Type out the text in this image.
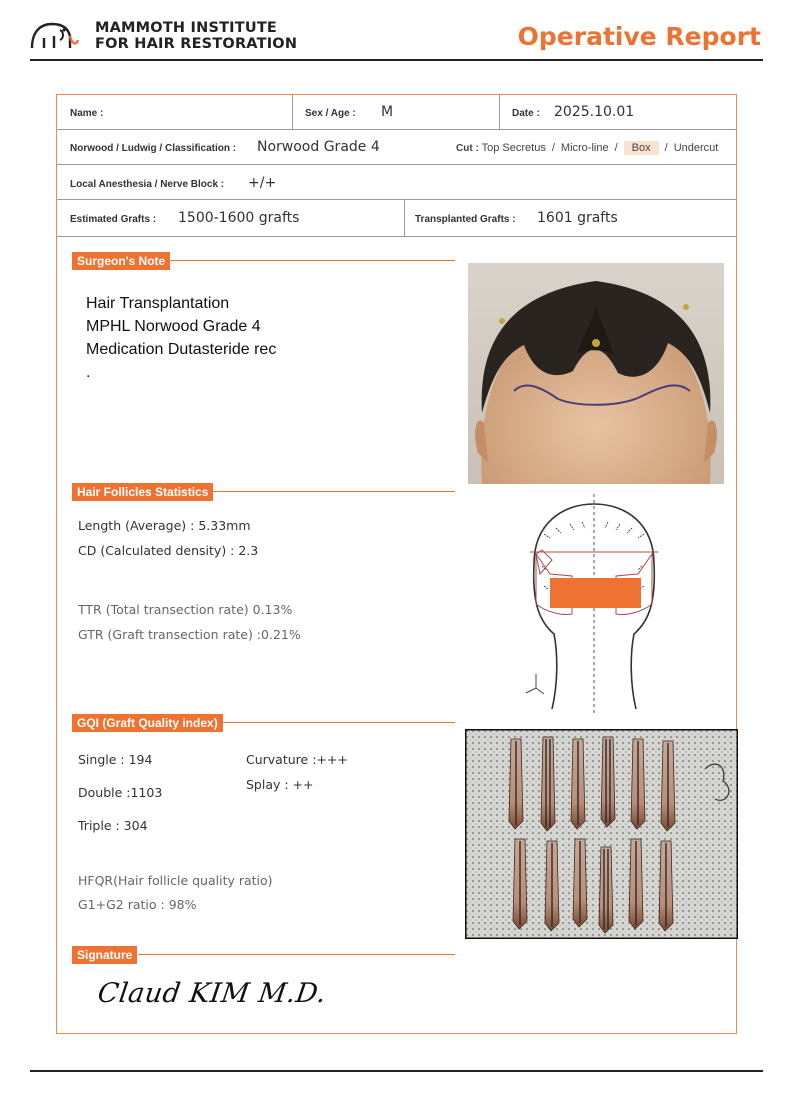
MAMMOTH INSTITUTE
FOR HAIR RESTORATION	Operative Report
Name :	Sex / Age : M	Date : 2025.10.01
Norwood / Ludwig / Classification : Norwood Grade 4	Cut : Top Secretus / Micro-line / Box / Undercut
Local Anesthesia / Nerve Block : +/+
Estimated Grafts : 1500-1600 grafts	Transplanted Grafts : 1601 grafts
Surgeon's Note
Hair Transplantation
MPHL Norwood Grade 4
Medication Dutasteride rec
.
Hair Follicles Statistics
Length (Average) : 5.33mm
CD (Calculated density) : 2.3
TTR (Total transection rate) 0.13%
GTR (Graft transection rate) :0.21%
GQI (Graft Quality index)
Single : 194
Double :1103
Triple : 304
Curvature :+++
Splay : ++
HFQR(Hair follicle quality ratio)
G1+G2 ratio : 98%
Signature
Claud KIM M.D.
